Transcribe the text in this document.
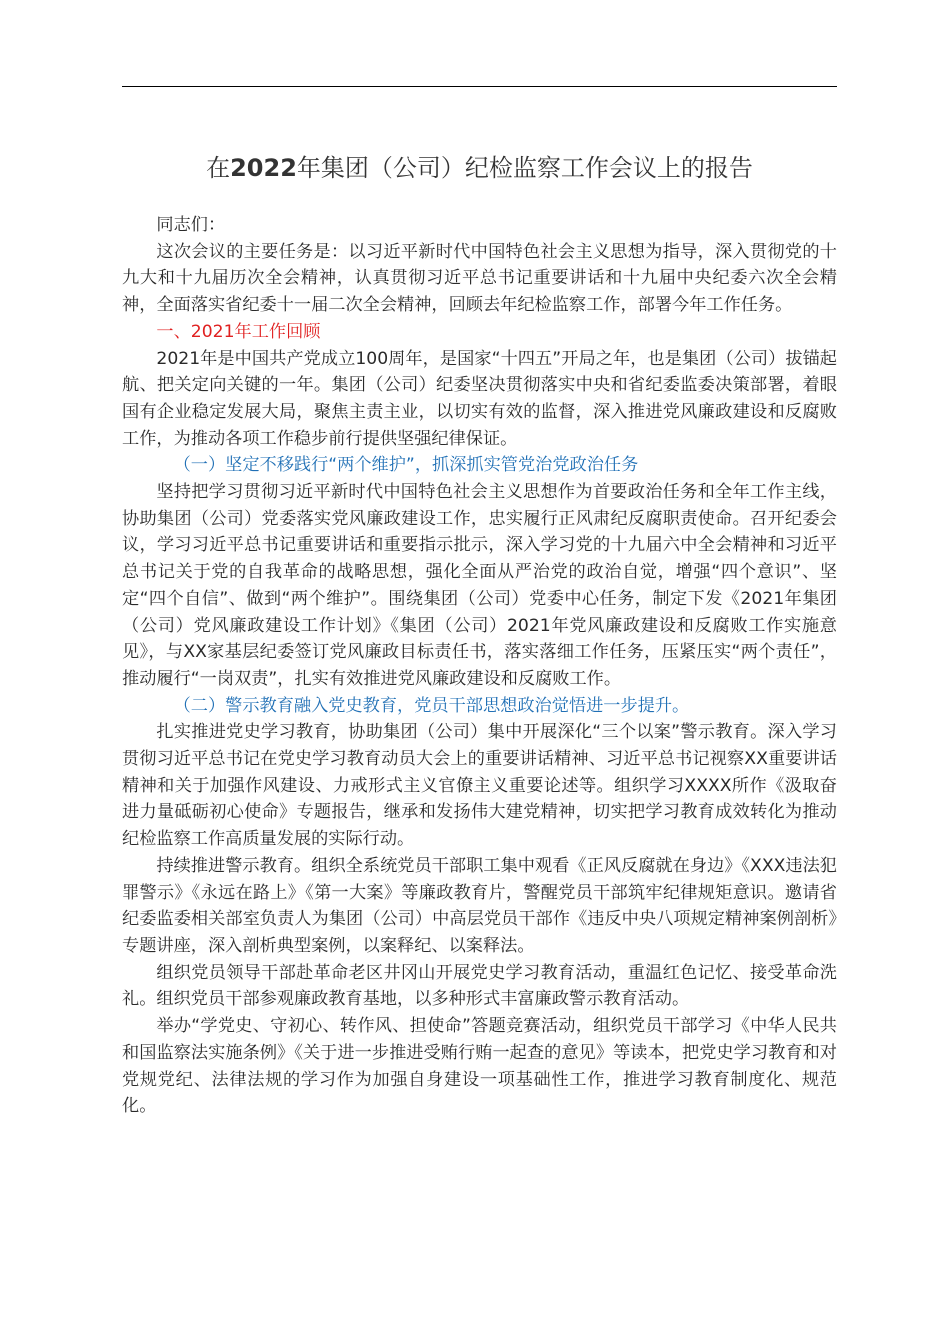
在2022年集团（公司）纪检监察工作会议上的报告

同志们：

这次会议的主要任务是：以习近平新时代中国特色社会主义思想为指导，深入贯彻党的十九大和十九届历次全会精神，认真贯彻习近平总书记重要讲话和十九届中央纪委六次全会精神，全面落实省纪委十一届二次全会精神，回顾去年纪检监察工作，部署今年工作任务。

一、2021年工作回顾

2021年是中国共产党成立100周年，是国家“十四五”开局之年，也是集团（公司）拔锚起航、把关定向关键的一年。集团（公司）纪委坚决贯彻落实中央和省纪委监委决策部署，着眼国有企业稳定发展大局，聚焦主责主业，以切实有效的监督，深入推进党风廉政建设和反腐败工作，为推动各项工作稳步前行提供坚强纪律保证。

（一）坚定不移践行“两个维护”，抓深抓实管党治党政治任务

坚持把学习贯彻习近平新时代中国特色社会主义思想作为首要政治任务和全年工作主线，协助集团（公司）党委落实党风廉政建设工作，忠实履行正风肃纪反腐职责使命。召开纪委会议，学习习近平总书记重要讲话和重要指示批示，深入学习党的十九届六中全会精神和习近平总书记关于党的自我革命的战略思想，强化全面从严治党的政治自觉，增强“四个意识”、坚定“四个自信”、做到“两个维护”。围绕集团（公司）党委中心任务，制定下发《2021年集团（公司）党风廉政建设工作计划》《集团（公司）2021年党风廉政建设和反腐败工作实施意见》，与XX家基层纪委签订党风廉政目标责任书，落实落细工作任务，压紧压实“两个责任”，推动履行“一岗双责”，扎实有效推进党风廉政建设和反腐败工作。

（二）警示教育融入党史教育，党员干部思想政治觉悟进一步提升。

扎实推进党史学习教育，协助集团（公司）集中开展深化“三个以案”警示教育。深入学习贯彻习近平总书记在党史学习教育动员大会上的重要讲话精神、习近平总书记视察XX重要讲话精神和关于加强作风建设、力戒形式主义官僚主义重要论述等。组织学习XXXX所作《汲取奋进力量砥砺初心使命》专题报告，继承和发扬伟大建党精神，切实把学习教育成效转化为推动纪检监察工作高质量发展的实际行动。

持续推进警示教育。组织全系统党员干部职工集中观看《正风反腐就在身边》《XXX违法犯罪警示》《永远在路上》《第一大案》等廉政教育片，警醒党员干部筑牢纪律规矩意识。邀请省纪委监委相关部室负责人为集团（公司）中高层党员干部作《违反中央八项规定精神案例剖析》专题讲座，深入剖析典型案例，以案释纪、以案释法。

组织党员领导干部赴革命老区井冈山开展党史学习教育活动，重温红色记忆、接受革命洗礼。组织党员干部参观廉政教育基地，以多种形式丰富廉政警示教育活动。

举办“学党史、守初心、转作风、担使命”答题竞赛活动，组织党员干部学习《中华人民共和国监察法实施条例》《关于进一步推进受贿行贿一起查的意见》等读本，把党史学习教育和对党规党纪、法律法规的学习作为加强自身建设一项基础性工作，推进学习教育制度化、规范化。
